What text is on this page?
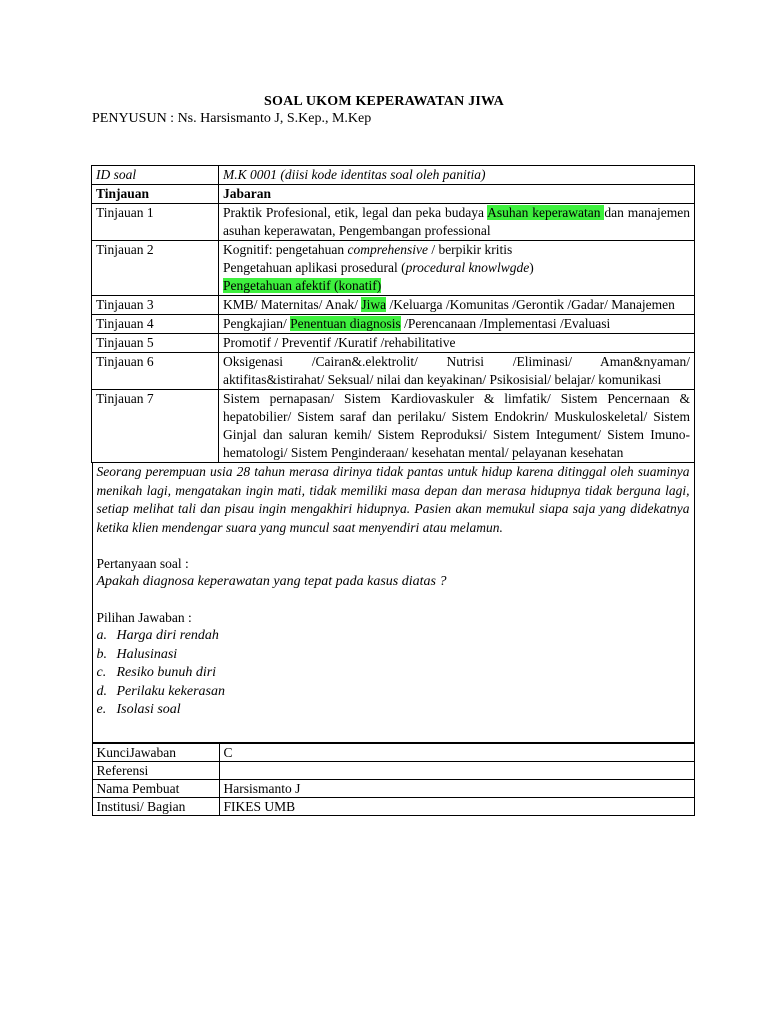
SOAL UKOM KEPERAWATAN JIWA
PENYUSUN : Ns. Harsismanto J, S.Kep., M.Kep
ID soal	M.K 0001 (diisi kode identitas soal oleh panitia)
Tinjauan	Jabaran
Tinjauan 1	Praktik Profesional, etik, legal dan peka budaya Asuhan keperawatan dan manajemen asuhan keperawatan, Pengembangan professional
Tinjauan 2	Kognitif: pengetahuan comprehensive / berpikir kritis
Pengetahuan aplikasi prosedural (procedural knowlwgde)
Pengetahuan afektif (konatif)

Tinjauan 3	KMB/ Maternitas/ Anak/ Jiwa /Keluarga /Komunitas /Gerontik /Gadar/ Manajemen
Tinjauan 4	Pengkajian/ Penentuan diagnosis /Perencanaan /Implementasi /Evaluasi
Tinjauan 5	Promotif / Preventif /Kuratif /rehabilitative
Tinjauan 6	Oksigenasi /Cairan&.elektrolit/ Nutrisi /Eliminasi/ Aman&nyaman/ aktifitas&istirahat/ Seksual/ nilai dan keyakinan/ Psikosisial/ belajar/ komunikasi
Tinjauan 7	Sistem pernapasan/ Sistem Kardiovaskuler & limfatik/ Sistem Pencernaan & hepatobilier/ Sistem saraf dan perilaku/ Sistem Endokrin/ Muskuloskeletal/ Sistem Ginjal dan saluran kemih/ Sistem Reproduksi/ Sistem Integument/ Sistem Imuno-hematologi/ Sistem Penginderaan/ kesehatan mental/ pelayanan kesehatan

Seorang perempuan usia 28 tahun merasa dirinya tidak pantas untuk hidup karena ditinggal oleh suaminya menikah lagi, mengatakan ingin mati, tidak memiliki masa depan dan merasa hidupnya tidak berguna lagi, setiap melihat tali dan pisau ingin mengakhiri hidupnya. Pasien akan memukul siapa saja yang didekatnya ketika klien mendengar suara yang muncul saat menyendiri atau melamun.

Pertanyaan soal :

Apakah diagnosa keperawatan yang tepat pada kasus diatas ?

Pilihan Jawaban :

a. Harga diri rendah
b. Halusinasi
c. Resiko bunuh diri
d. Perilaku kekerasan
e. Isolasi soal
KunciJawaban	C
Referensi	
Nama Pembuat	Harsismanto J
Institusi/ Bagian	FIKES UMB
